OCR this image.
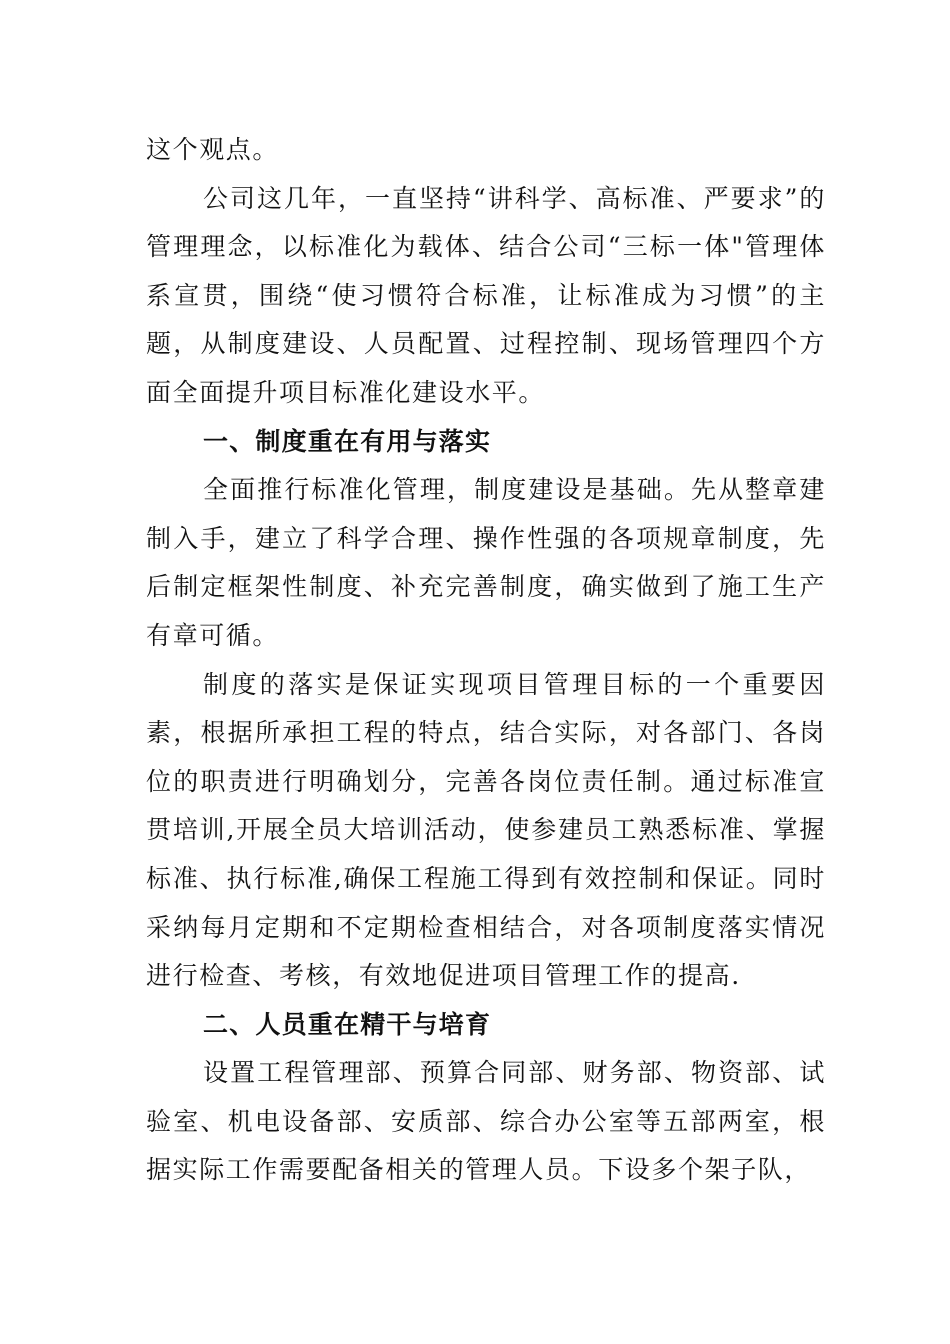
这个观点。

公司这几年，一直坚持“讲科学、高标准、严要求”的管理理念，以标准化为载体、结合公司“三标一体"管理体系宣贯，围绕“使习惯符合标准，让标准成为习惯”的主题，从制度建设、人员配置、过程控制、现场管理四个方面全面提升项目标准化建设水平。

一、制度重在有用与落实

全面推行标准化管理，制度建设是基础。先从整章建制入手，建立了科学合理、操作性强的各项规章制度，先后制定框架性制度、补充完善制度，确实做到了施工生产有章可循。

制度的落实是保证实现项目管理目标的一个重要因素，根据所承担工程的特点，结合实际，对各部门、各岗位的职责进行明确划分，完善各岗位责任制。通过标准宣贯培训,开展全员大培训活动，使参建员工熟悉标准、掌握标准、执行标准,确保工程施工得到有效控制和保证。同时采纳每月定期和不定期检查相结合，对各项制度落实情况进行检查、考核，有效地促进项目管理工作的提高.

二、人员重在精干与培育

设置工程管理部、预算合同部、财务部、物资部、试验室、机电设备部、安质部、综合办公室等五部两室，根据实际工作需要配备相关的管理人员。下设多个架子队，
